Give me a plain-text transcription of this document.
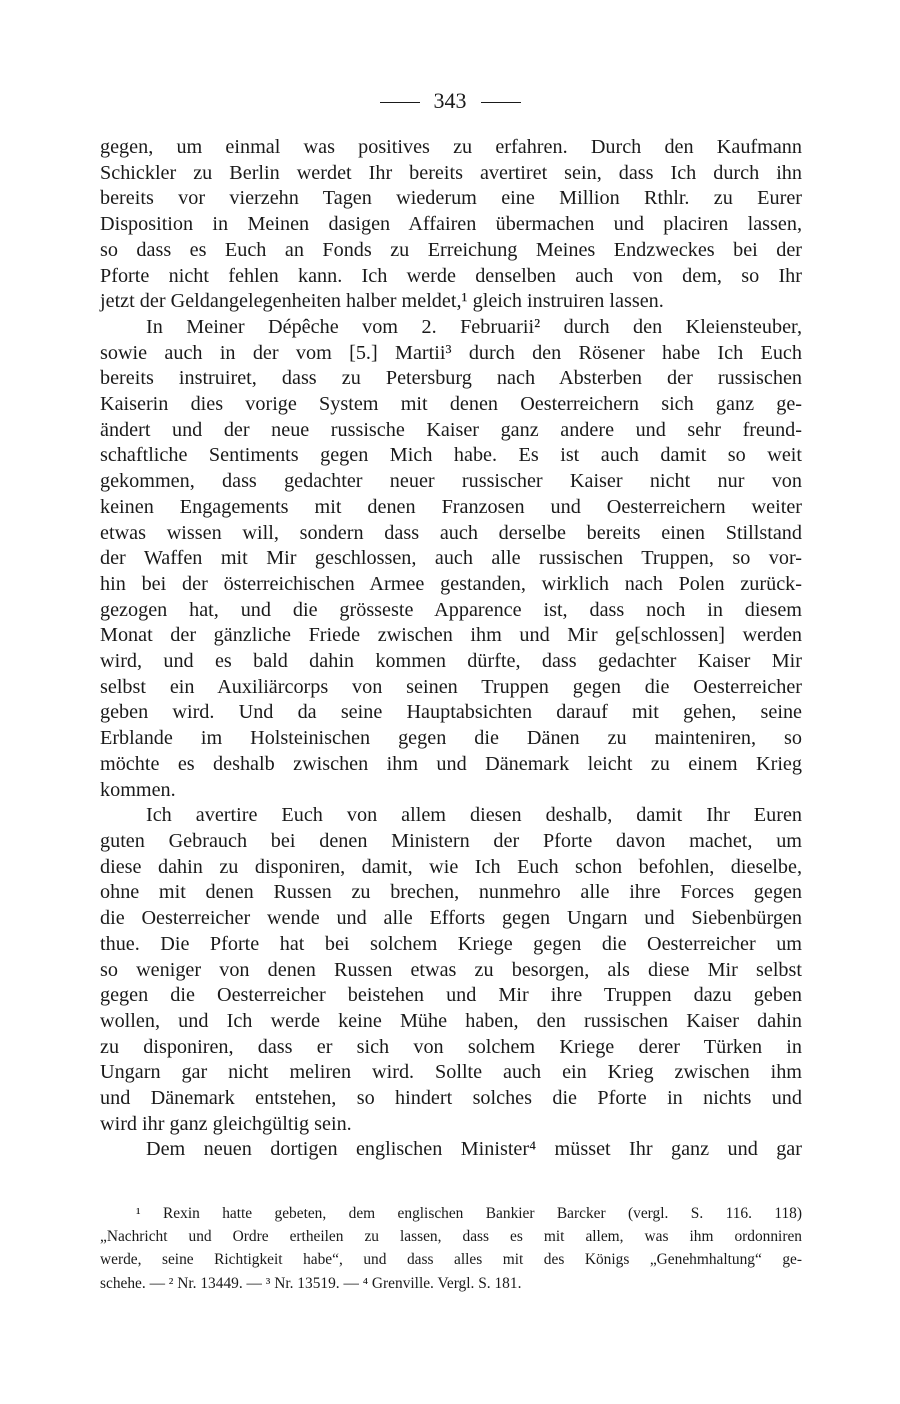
343
gegen, um einmal was positives zu erfahren. Durch den Kaufmann
Schickler zu Berlin werdet Ihr bereits avertiret sein, dass Ich durch ihn
bereits vor vierzehn Tagen wiederum eine Million Rthlr. zu Eurer
Disposition in Meinen dasigen Affairen übermachen und placiren lassen,
so dass es Euch an Fonds zu Erreichung Meines Endzweckes bei der
Pforte nicht fehlen kann. Ich werde denselben auch von dem, so Ihr
jetzt der Geldangelegenheiten halber meldet,¹ gleich instruiren lassen.
In Meiner Dépêche vom 2. Februarii² durch den Kleiensteuber,
sowie auch in der vom [5.] Martii³ durch den Rösener habe Ich Euch
bereits instruiret, dass zu Petersburg nach Absterben der russischen
Kaiserin dies vorige System mit denen Oesterreichern sich ganz ge-
ändert und der neue russische Kaiser ganz andere und sehr freund-
schaftliche Sentiments gegen Mich habe. Es ist auch damit so weit
gekommen, dass gedachter neuer russischer Kaiser nicht nur von
keinen Engagements mit denen Franzosen und Oesterreichern weiter
etwas wissen will, sondern dass auch derselbe bereits einen Stillstand
der Waffen mit Mir geschlossen, auch alle russischen Truppen, so vor-
hin bei der österreichischen Armee gestanden, wirklich nach Polen zurück-
gezogen hat, und die grösseste Apparence ist, dass noch in diesem
Monat der gänzliche Friede zwischen ihm und Mir ge[schlossen] werden
wird, und es bald dahin kommen dürfte, dass gedachter Kaiser Mir
selbst ein Auxiliärcorps von seinen Truppen gegen die Oesterreicher
geben wird. Und da seine Hauptabsichten darauf mit gehen, seine
Erblande im Holsteinischen gegen die Dänen zu mainteniren, so
möchte es deshalb zwischen ihm und Dänemark leicht zu einem Krieg
kommen.
Ich avertire Euch von allem diesen deshalb, damit Ihr Euren
guten Gebrauch bei denen Ministern der Pforte davon machet, um
diese dahin zu disponiren, damit, wie Ich Euch schon befohlen, dieselbe,
ohne mit denen Russen zu brechen, nunmehro alle ihre Forces gegen
die Oesterreicher wende und alle Efforts gegen Ungarn und Siebenbürgen
thue. Die Pforte hat bei solchem Kriege gegen die Oesterreicher um
so weniger von denen Russen etwas zu besorgen, als diese Mir selbst
gegen die Oesterreicher beistehen und Mir ihre Truppen dazu geben
wollen, und Ich werde keine Mühe haben, den russischen Kaiser dahin
zu disponiren, dass er sich von solchem Kriege derer Türken in
Ungarn gar nicht meliren wird. Sollte auch ein Krieg zwischen ihm
und Dänemark entstehen, so hindert solches die Pforte in nichts und
wird ihr ganz gleichgültig sein.
Dem neuen dortigen englischen Minister⁴ müsset Ihr ganz und gar
¹ Rexin hatte gebeten, dem englischen Bankier Barcker (vergl. S. 116. 118)
„Nachricht und Ordre ertheilen zu lassen, dass es mit allem, was ihm ordonniren
werde, seine Richtigkeit habe“, und dass alles mit des Königs „Genehmhaltung“ ge-
schehe. — ² Nr. 13449. — ³ Nr. 13519. — ⁴ Grenville. Vergl. S. 181.
